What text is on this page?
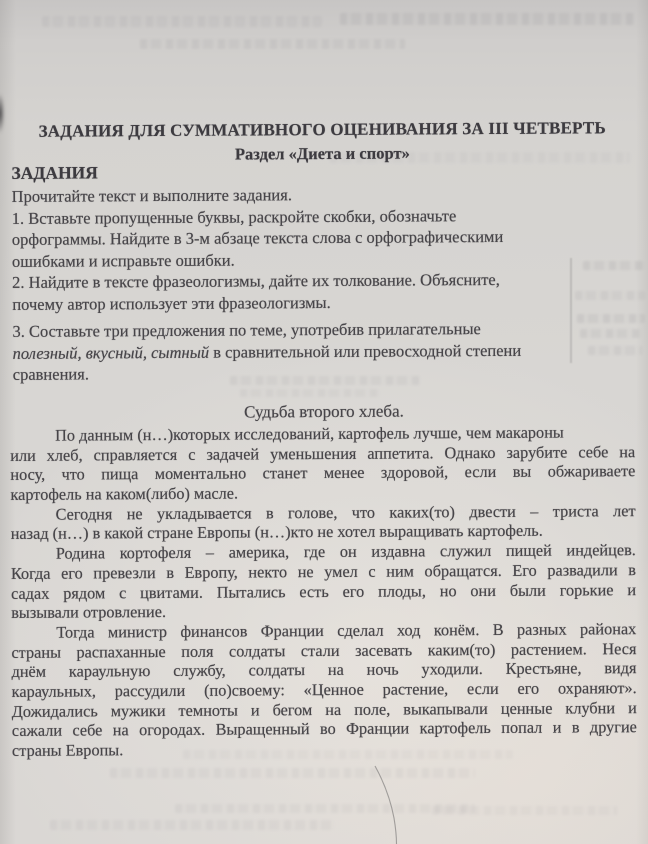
ЗАДАНИЯ ДЛЯ СУММАТИВНОГО ОЦЕНИВАНИЯ ЗА III ЧЕТВЕРТЬ
Раздел «Диета и спорт»
ЗАДАНИЯ
Прочитайте текст и выполните задания.
1. Вставьте пропущенные буквы, раскройте скобки, обозначьте
орфограммы. Найдите в 3-м абзаце текста слова с орфографическими
ошибками и исправьте ошибки.
2. Найдите в тексте фразеологизмы, дайте их толкование. Объясните,
почему автор использует эти фразеологизмы.
3. Составьте три предложения по теме, употребив прилагательные
полезный, вкусный, сытный в сравнительной или превосходной степени
сравнения.
Судьба второго хлеба.
По данным (н…)которых исследований, картофель лучше, чем макароны
или хлеб, справляется с задачей уменьшения аппетита. Однако зарубите себе на
носу, что пища моментально станет менее здоровой, если вы обжариваете
картофель на каком(либо) масле.
Сегодня не укладывается в голове, что каких(то) двести – триста лет
назад (н…) в какой стране Европы (н…)кто не хотел выращивать картофель.
Родина кортофеля – америка, где он издавна служил пищей индейцев.
Когда его превезли в Европу, некто не умел с ним обращатся. Его развадили в
садах рядом с цвитами. Пытались есть его плоды, но они были горькие и
вызывали отровление.
Тогда министр финансов Франции сделал ход конём. В разных районах
страны распаханные поля солдаты стали засевать каким(то) растением. Неся
днём караульную службу, солдаты на ночь уходили. Крестьяне, видя
караульных, рассудили (по)своему: «Ценное растение, если его охраняют».
Дожидались мужики темноты и бегом на поле, выкапывали ценные клубни и
сажали себе на огородах. Выращенный во Франции картофель попал и в другие
страны Европы.
